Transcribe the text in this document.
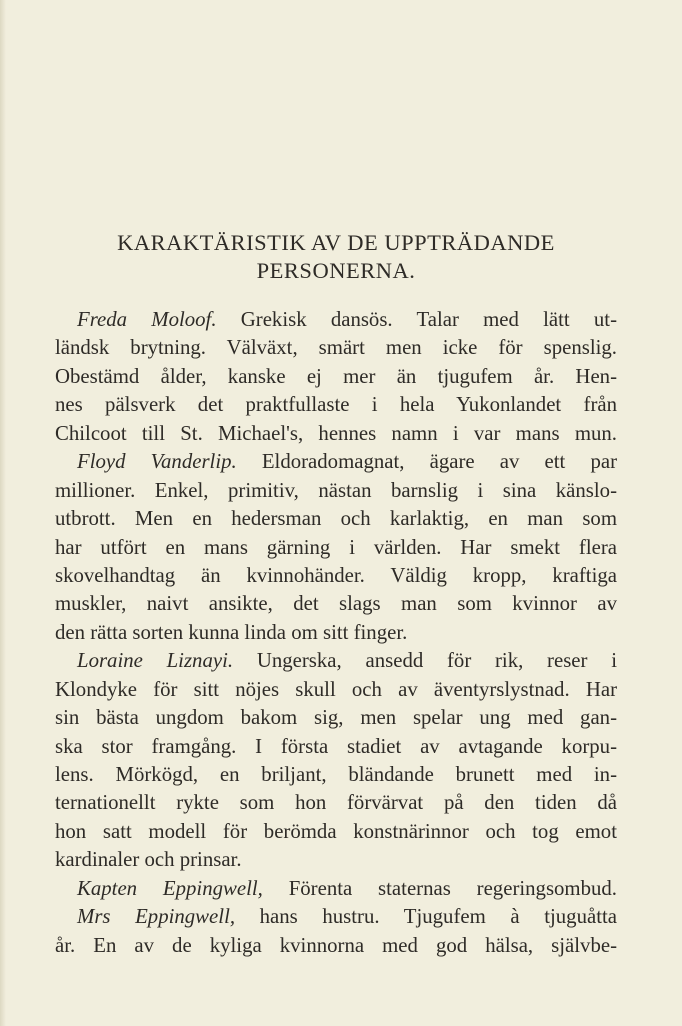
KARAKTÄRISTIK AV DE UPPTRÄDANDE
PERSONERNA.
Freda Moloof. Grekisk dansös. Talar med lätt ut-
ländsk brytning. Välväxt, smärt men icke för spenslig.
Obestämd ålder, kanske ej mer än tjugufem år. Hen-
nes pälsverk det praktfullaste i hela Yukonlandet från
Chilcoot till St. Michael's, hennes namn i var mans mun.
Floyd Vanderlip. Eldoradomagnat, ägare av ett par
millioner. Enkel, primitiv, nästan barnslig i sina känslo-
utbrott. Men en hedersman och karlaktig, en man som
har utfört en mans gärning i världen. Har smekt flera
skovelhandtag än kvinnohänder. Väldig kropp, kraftiga
muskler, naivt ansikte, det slags man som kvinnor av
den rätta sorten kunna linda om sitt finger.
Loraine Liznayi. Ungerska, ansedd för rik, reser i
Klondyke för sitt nöjes skull och av äventyrslystnad. Har
sin bästa ungdom bakom sig, men spelar ung med gan-
ska stor framgång. I första stadiet av avtagande korpu-
lens. Mörkögd, en briljant, bländande brunett med in-
ternationellt rykte som hon förvärvat på den tiden då
hon satt modell för berömda konstnärinnor och tog emot
kardinaler och prinsar.
Kapten Eppingwell, Förenta staternas regeringsombud.
Mrs Eppingwell, hans hustru. Tjugufem à tjuguåtta
år. En av de kyliga kvinnorna med god hälsa, självbe-
